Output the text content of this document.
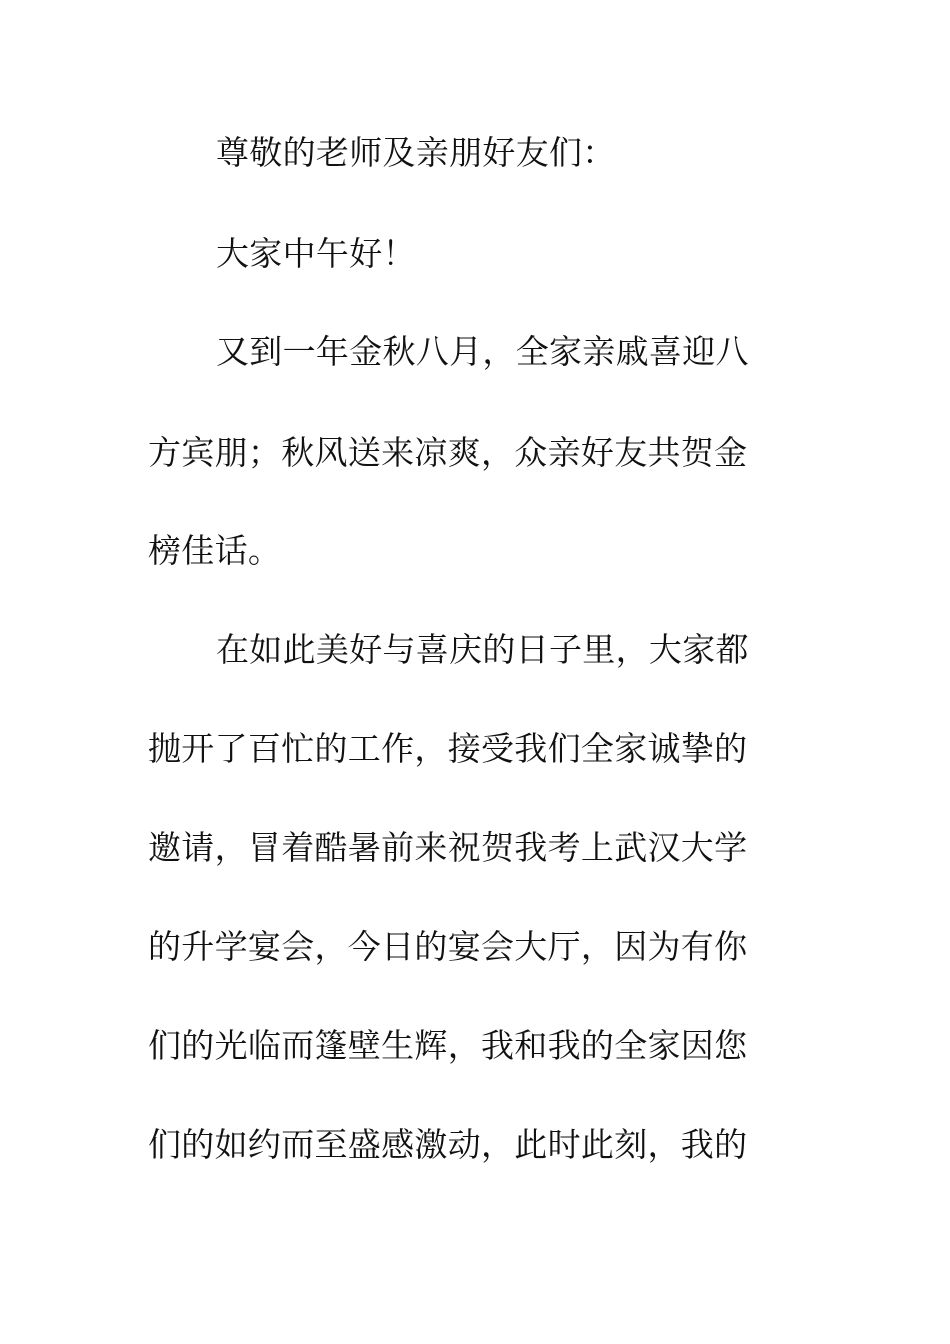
尊敬的老师及亲朋好友们：
大家中午好！
又到一年金秋八月，全家亲戚喜迎八
方宾朋；秋风送来凉爽，众亲好友共贺金
榜佳话。
在如此美好与喜庆的日子里，大家都
抛开了百忙的工作，接受我们全家诚挚的
邀请，冒着酷暑前来祝贺我考上武汉大学
的升学宴会，今日的宴会大厅，因为有你
们的光临而篷壁生辉，我和我的全家因您
们的如约而至盛感激动，此时此刻，我的
